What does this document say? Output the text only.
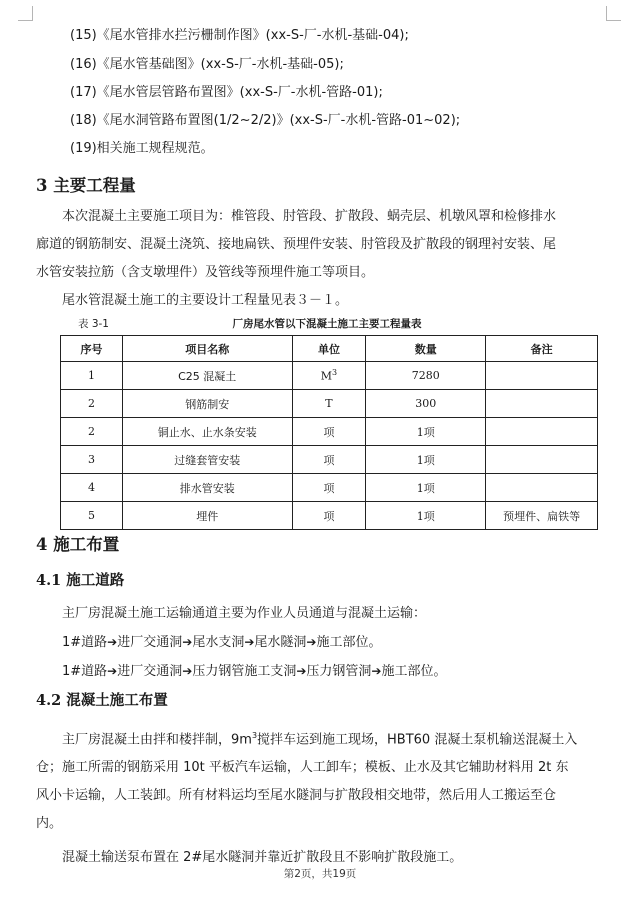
(15)《尾水管排水拦污栅制作图》(xx-S-厂-水机-基础-04);
(16)《尾水管基础图》(xx-S-厂-水机-基础-05);
(17)《尾水管层管路布置图》(xx-S-厂-水机-管路-01);
(18)《尾水洞管路布置图(1/2~2/2)》(xx-S-厂-水机-管路-01~02);
(19)相关施工规程规范。
3 主要工程量
本次混凝土主要施工项目为：椎管段、肘管段、扩散段、蜗壳层、机墩风罩和检修排水
廊道的钢筋制安、混凝土浇筑、接地扁铁、预埋件安装、肘管段及扩散段的钢理衬安装、尾
水管安装拉筋（含支墩埋件）及管线等预埋件施工等项目。
尾水管混凝土施工的主要设计工程量见表３－１。
表 3-1	厂房尾水管以下混凝土施工主要工程量表
序号	项目名称	单位	数量	备注
1	C25 混凝土	$M^3$	7280	
2	钢筋制安	T	300	
2	铜止水、止水条安装	项	1项	
3	过缝套管安装	项	1项	
4	排水管安装	项	1项	
5	埋件	项	1项	预埋件、扁铁等
4 施工布置
4.1 施工道路
主厂房混凝土施工运输通道主要为作业人员通道与混凝土运输：
1#道路➔进厂交通洞➔尾水支洞➔尾水隧洞➔施工部位。
1#道路➔进厂交通洞➔压力钢管施工支洞➔压力钢管洞➔施工部位。
4.2 混凝土施工布置
主厂房混凝土由拌和楼拌制，$9m^3$搅拌车运到施工现场，HBT60 混凝土泵机输送混凝土入
仓；施工所需的钢筋采用 10t 平板汽车运输，人工卸车；模板、止水及其它辅助材料用 2t 东
风小卡运输，人工装卸。所有材料运均至尾水隧洞与扩散段相交地带，然后用人工搬运至仓
内。
混凝土输送泵布置在 2#尾水隧洞并靠近扩散段且不影响扩散段施工。
第2页，共19页
